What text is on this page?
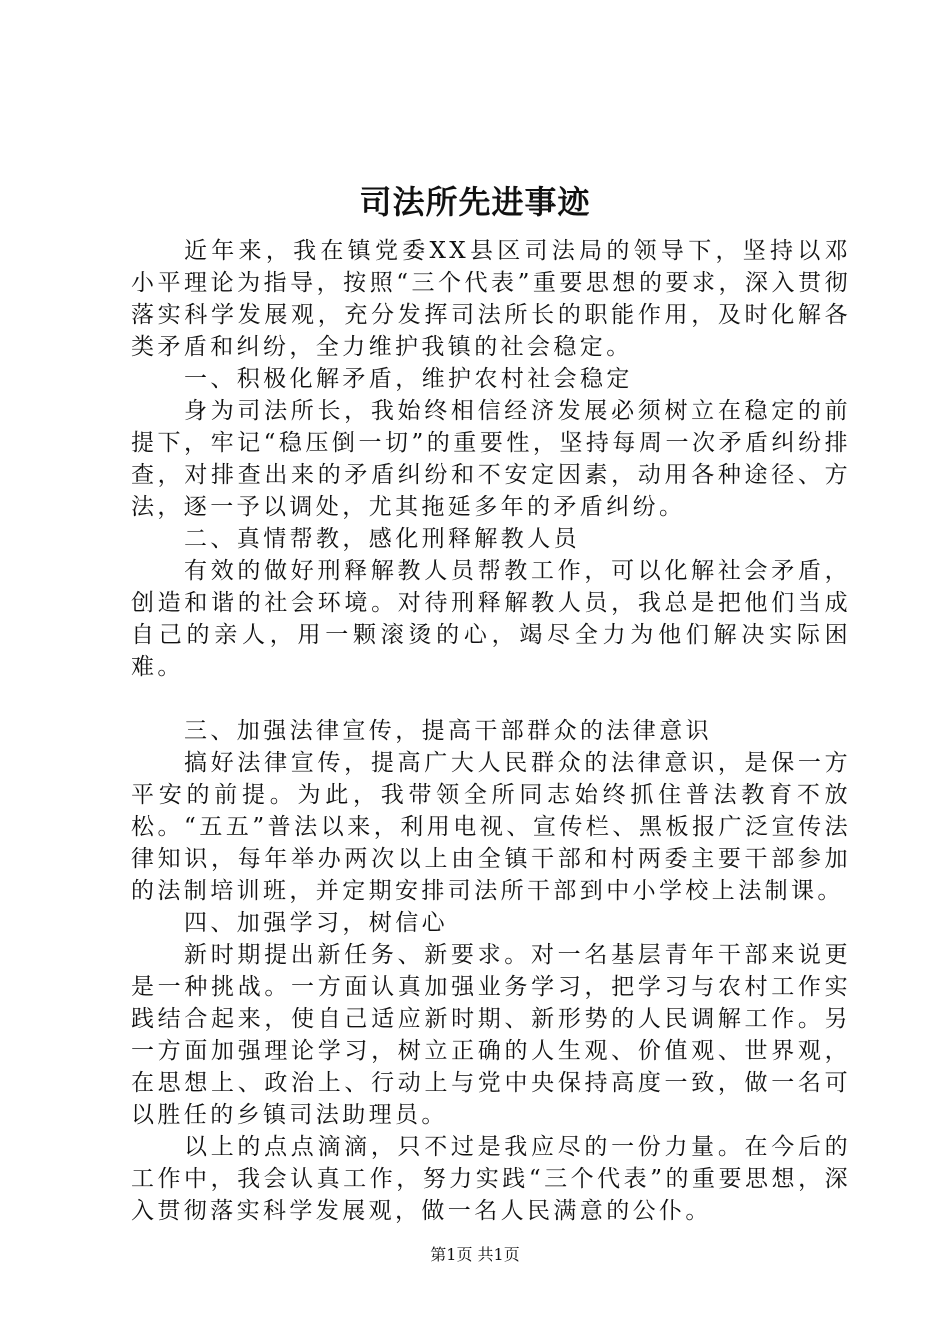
司法所先进事迹

近年来，我在镇党委XX县区司法局的领导下，坚持以邓小平理论为指导，按照“三个代表”重要思想的要求，深入贯彻落实科学发展观，充分发挥司法所长的职能作用，及时化解各类矛盾和纠纷，全力维护我镇的社会稳定。

一、积极化解矛盾，维护农村社会稳定

身为司法所长，我始终相信经济发展必须树立在稳定的前提下，牢记“稳压倒一切”的重要性，坚持每周一次矛盾纠纷排查，对排查出来的矛盾纠纷和不安定因素，动用各种途径、方法，逐一予以调处，尤其拖延多年的矛盾纠纷。

二、真情帮教，感化刑释解教人员

有效的做好刑释解教人员帮教工作，可以化解社会矛盾，创造和谐的社会环境。对待刑释解教人员，我总是把他们当成自己的亲人，用一颗滚烫的心，竭尽全力为他们解决实际困难。

三、加强法律宣传，提高干部群众的法律意识

搞好法律宣传，提高广大人民群众的法律意识，是保一方平安的前提。为此，我带领全所同志始终抓住普法教育不放松。“五五”普法以来，利用电视、宣传栏、黑板报广泛宣传法律知识，每年举办两次以上由全镇干部和村两委主要干部参加的法制培训班，并定期安排司法所干部到中小学校上法制课。

四、加强学习，树信心

新时期提出新任务、新要求。对一名基层青年干部来说更是一种挑战。一方面认真加强业务学习，把学习与农村工作实践结合起来，使自己适应新时期、新形势的人民调解工作。另一方面加强理论学习，树立正确的人生观、价值观、世界观，在思想上、政治上、行动上与党中央保持高度一致，做一名可以胜任的乡镇司法助理员。

以上的点点滴滴，只不过是我应尽的一份力量。在今后的工作中，我会认真工作，努力实践“三个代表”的重要思想，深入贯彻落实科学发展观，做一名人民满意的公仆。

第1页 共1页
